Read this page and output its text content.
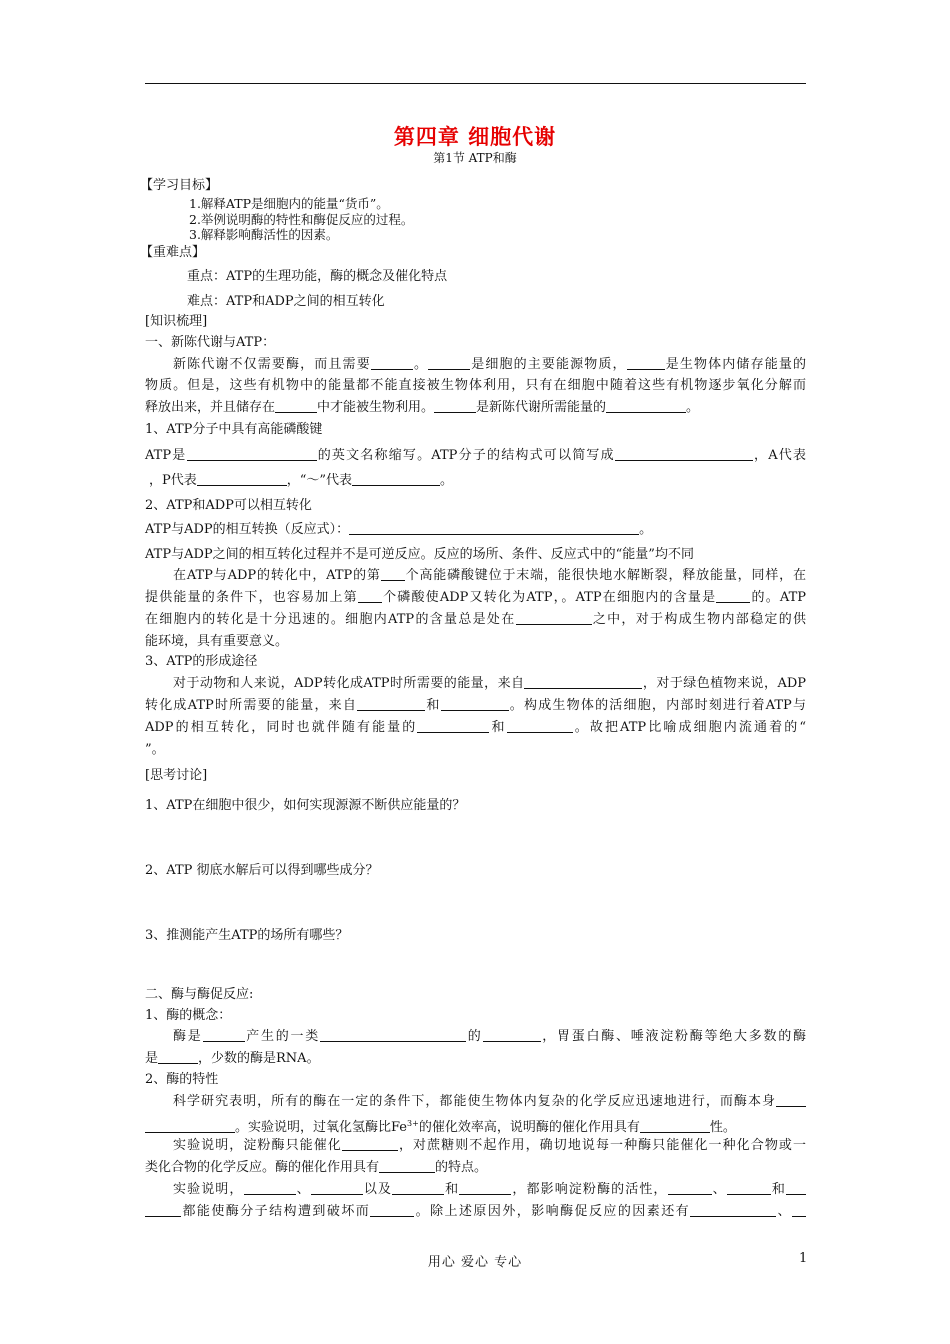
第四章 细胞代谢
第1节 ATP和酶
【学习目标】
1.解释ATP是细胞内的能量“货币”。
2.举例说明酶的特性和酶促反应的过程。
3.解释影响酶活性的因素。
【重难点】
重点：ATP的生理功能，酶的概念及催化特点
难点：ATP和ADP之间的相互转化
[知识梳理]
一、新陈代谢与ATP：
新陈代谢不仅需要酶，而且需要	。	是细胞的主要能源物质，	是生物体内储存能量的
物质。但是，这些有机物中的能量都不能直接被生物体利用，只有在细胞中随着这些有机物逐步氧化分解而
释放出来，并且储存在	中才能被生物利用。	是新陈代谢所需能量的	。
1、ATP分子中具有高能磷酸键
ATP是	的英文名称缩写。ATP分子的结构式可以简写成	，A代表
，P代表	，“～”代表	。
2、ATP和ADP可以相互转化
ATP与ADP的相互转换（反应式）：	。
ATP与ADP之间的相互转化过程并不是可逆反应。反应的场所、条件、反应式中的“能量”均不同
在ATP与ADP的转化中，ATP的第 个高能磷酸键位于末端，能很快地水解断裂，释放能量，同样，在
提供能量的条件下，也容易加上第 个磷酸使ADP又转化为ATP，。ATP在细胞内的含量是	的。ATP
在细胞内的转化是十分迅速的。细胞内ATP的含量总是处在	之中，对于构成生物内部稳定的供
能环境，具有重要意义。
3、ATP的形成途径
对于动物和人来说，ADP转化成ATP时所需要的能量，来自	，对于绿色植物来说，ADP
转化成ATP时所需要的能量，来自	和	。构成生物体的活细胞，内部时刻进行着ATP与
ADP的相互转化，同时也就伴随有能量的	和	。故把ATP比喻成细胞内流通着的“
”。
[思考讨论]
1、ATP在细胞中很少，如何实现源源不断供应能量的？
2、ATP 彻底水解后可以得到哪些成分？
3、推测能产生ATP的场所有哪些？
二、酶与酶促反应:
1、酶的概念：
酶是	产生的一类	的	，胃蛋白酶、唾液淀粉酶等绝大多数的酶
是	，少数的酶是RNA。
2、酶的特性
科学研究表明，所有的酶在一定的条件下，都能使生物体内复杂的化学反应迅速地进行，而酶本身
。实验说明，过氧化氢酶比$Fe^{3+}$的催化效率高，说明酶的催化作用具有	性。
实验说明，淀粉酶只能催化	，对蔗糖则不起作用，确切地说每一种酶只能催化一种化合物或一
类化合物的化学反应。酶的催化作用具有	的特点。
实验说明，	、	以及	和	，都影响淀粉酶的活性，	、	和
都能使酶分子结构遭到破坏而	。除上述原因外，影响酶促反应的因素还有	、
用心 爱心 专心	1
